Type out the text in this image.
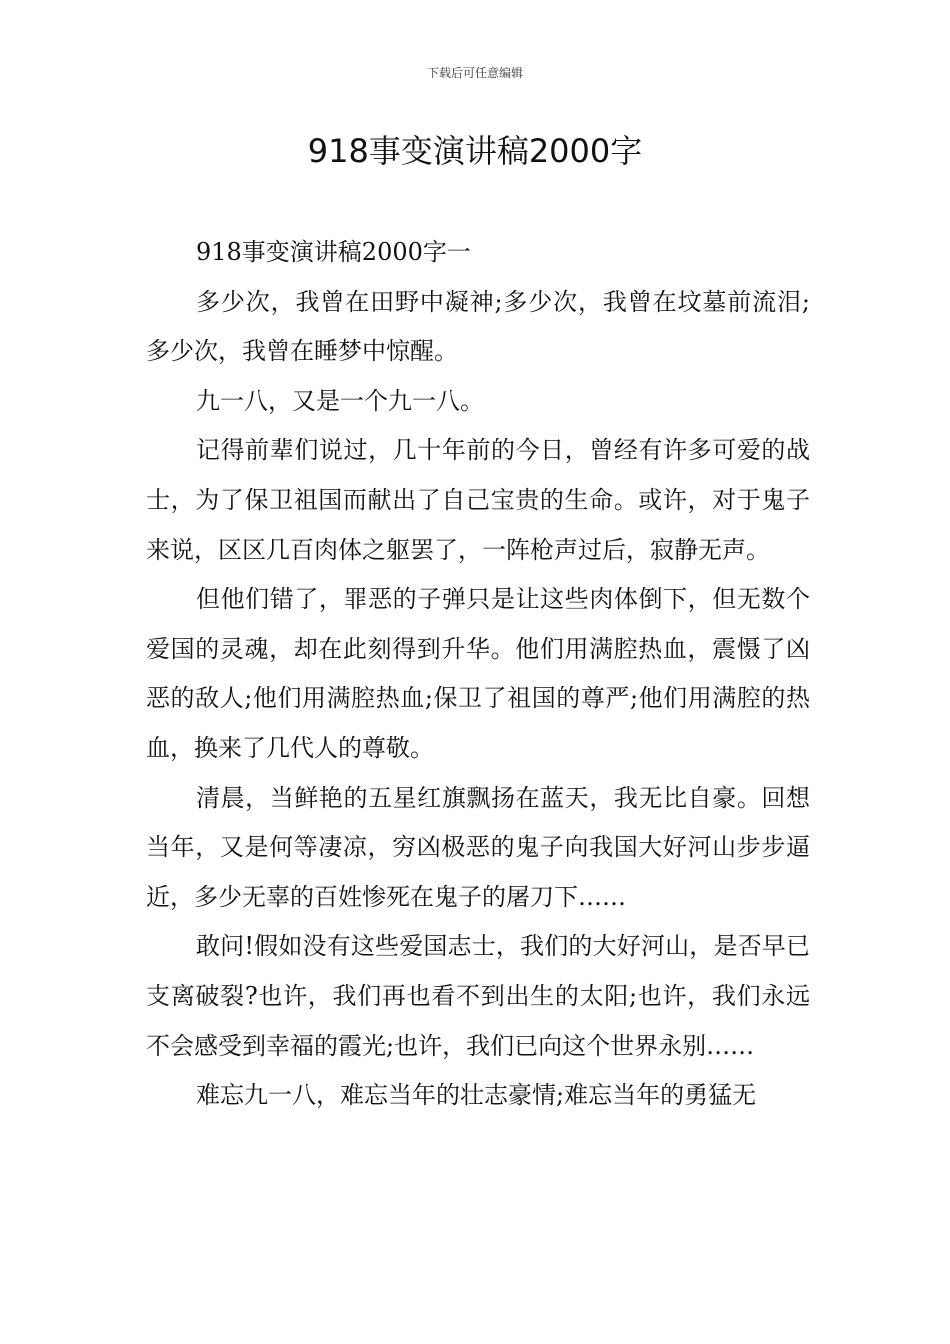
下载后可任意编辑
918事变演讲稿2000字

918事变演讲稿2000字一

多少次，我曾在田野中凝神;多少次，我曾在坟墓前流泪;多少次，我曾在睡梦中惊醒。

九一八，又是一个九一八。

记得前辈们说过，几十年前的今日，曾经有许多可爱的战士，为了保卫祖国而献出了自己宝贵的生命。或许，对于鬼子来说，区区几百肉体之躯罢了，一阵枪声过后，寂静无声。

但他们错了，罪恶的子弹只是让这些肉体倒下，但无数个爱国的灵魂，却在此刻得到升华。他们用满腔热血，震慑了凶恶的敌人;他们用满腔热血;保卫了祖国的尊严;他们用满腔的热血，换来了几代人的尊敬。

清晨，当鲜艳的五星红旗飘扬在蓝天，我无比自豪。回想当年，又是何等凄凉，穷凶极恶的鬼子向我国大好河山步步逼近，多少无辜的百姓惨死在鬼子的屠刀下……

敢问!假如没有这些爱国志士，我们的大好河山，是否早已支离破裂?也许，我们再也看不到出生的太阳;也许，我们永远不会感受到幸福的霞光;也许，我们已向这个世界永别……

难忘九一八，难忘当年的壮志豪情;难忘当年的勇猛无
